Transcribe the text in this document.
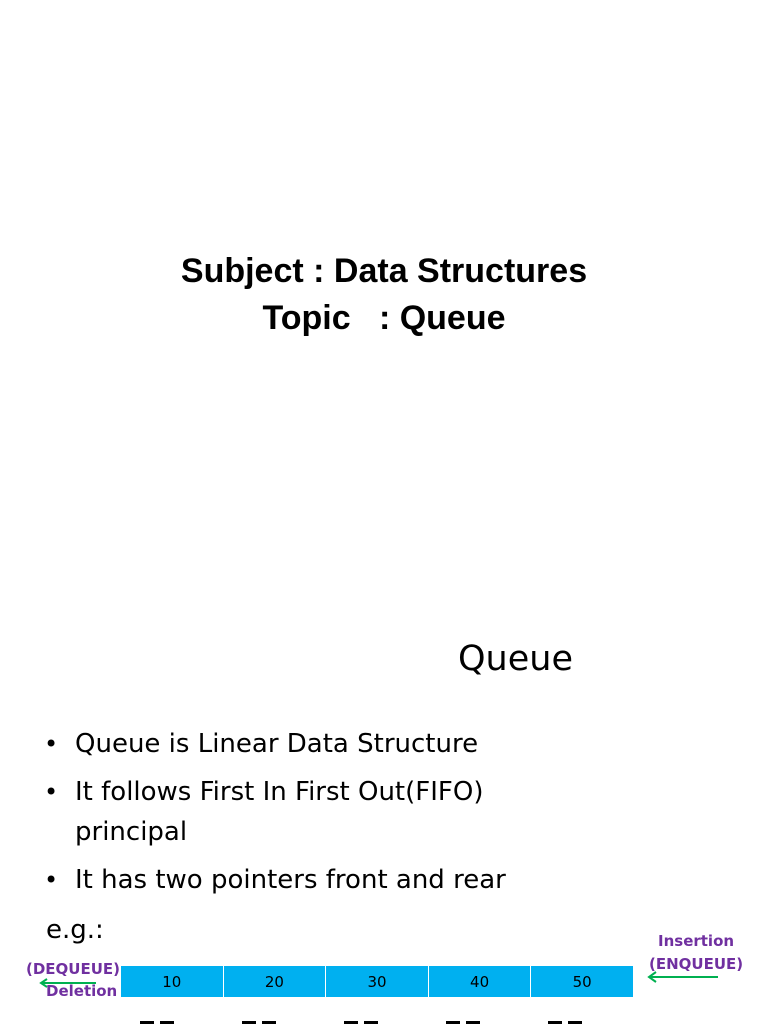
Subject : Data Structures
Topic   : Queue
Queue
• Queue is Linear Data Structure
• It follows First In First Out(FIFO) principal
• It has two pointers front and rear
e.g.:	Insertion
(ENQUEUE)
(DEQUEUE)
Deletion
10	20	30	40	50
